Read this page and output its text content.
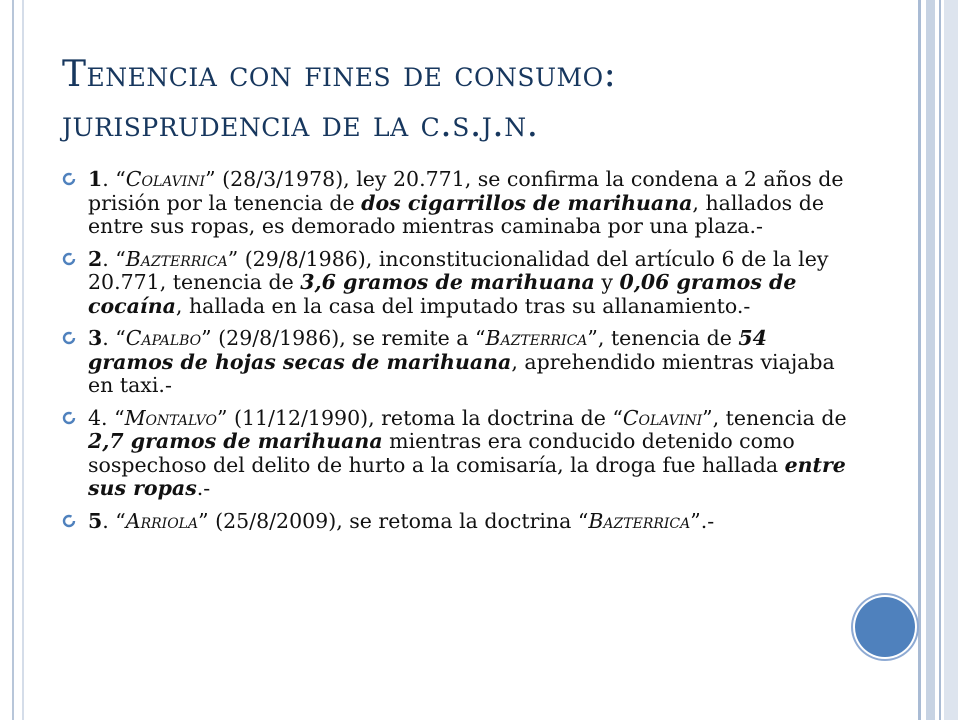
Tenencia con fines de consumo:
jurisprudencia de la c.s.j.n.
1. “Colavini” (28/3/1978), ley 20.771, se confirma la condena a 2 años de prisión por la tenencia de dos cigarrillos de marihuana, hallados de entre sus ropas, es demorado mientras caminaba por una plaza.-
2. “Bazterrica” (29/8/1986), inconstitucionalidad del artículo 6 de la ley 20.771, tenencia de 3,6 gramos de marihuana y 0,06 gramos de cocaína, hallada en la casa del imputado tras su allanamiento.-
3. “Capalbo” (29/8/1986), se remite a “Bazterrica”, tenencia de 54 gramos de hojas secas de marihuana, aprehendido mientras viajaba en taxi.-
4. “Montalvo” (11/12/1990), retoma la doctrina de “Colavini”, tenencia de 2,7 gramos de marihuana mientras era conducido detenido como sospechoso del delito de hurto a la comisaría, la droga fue hallada entre sus ropas.-
5. “Arriola” (25/8/2009), se retoma la doctrina “Bazterrica”.-
